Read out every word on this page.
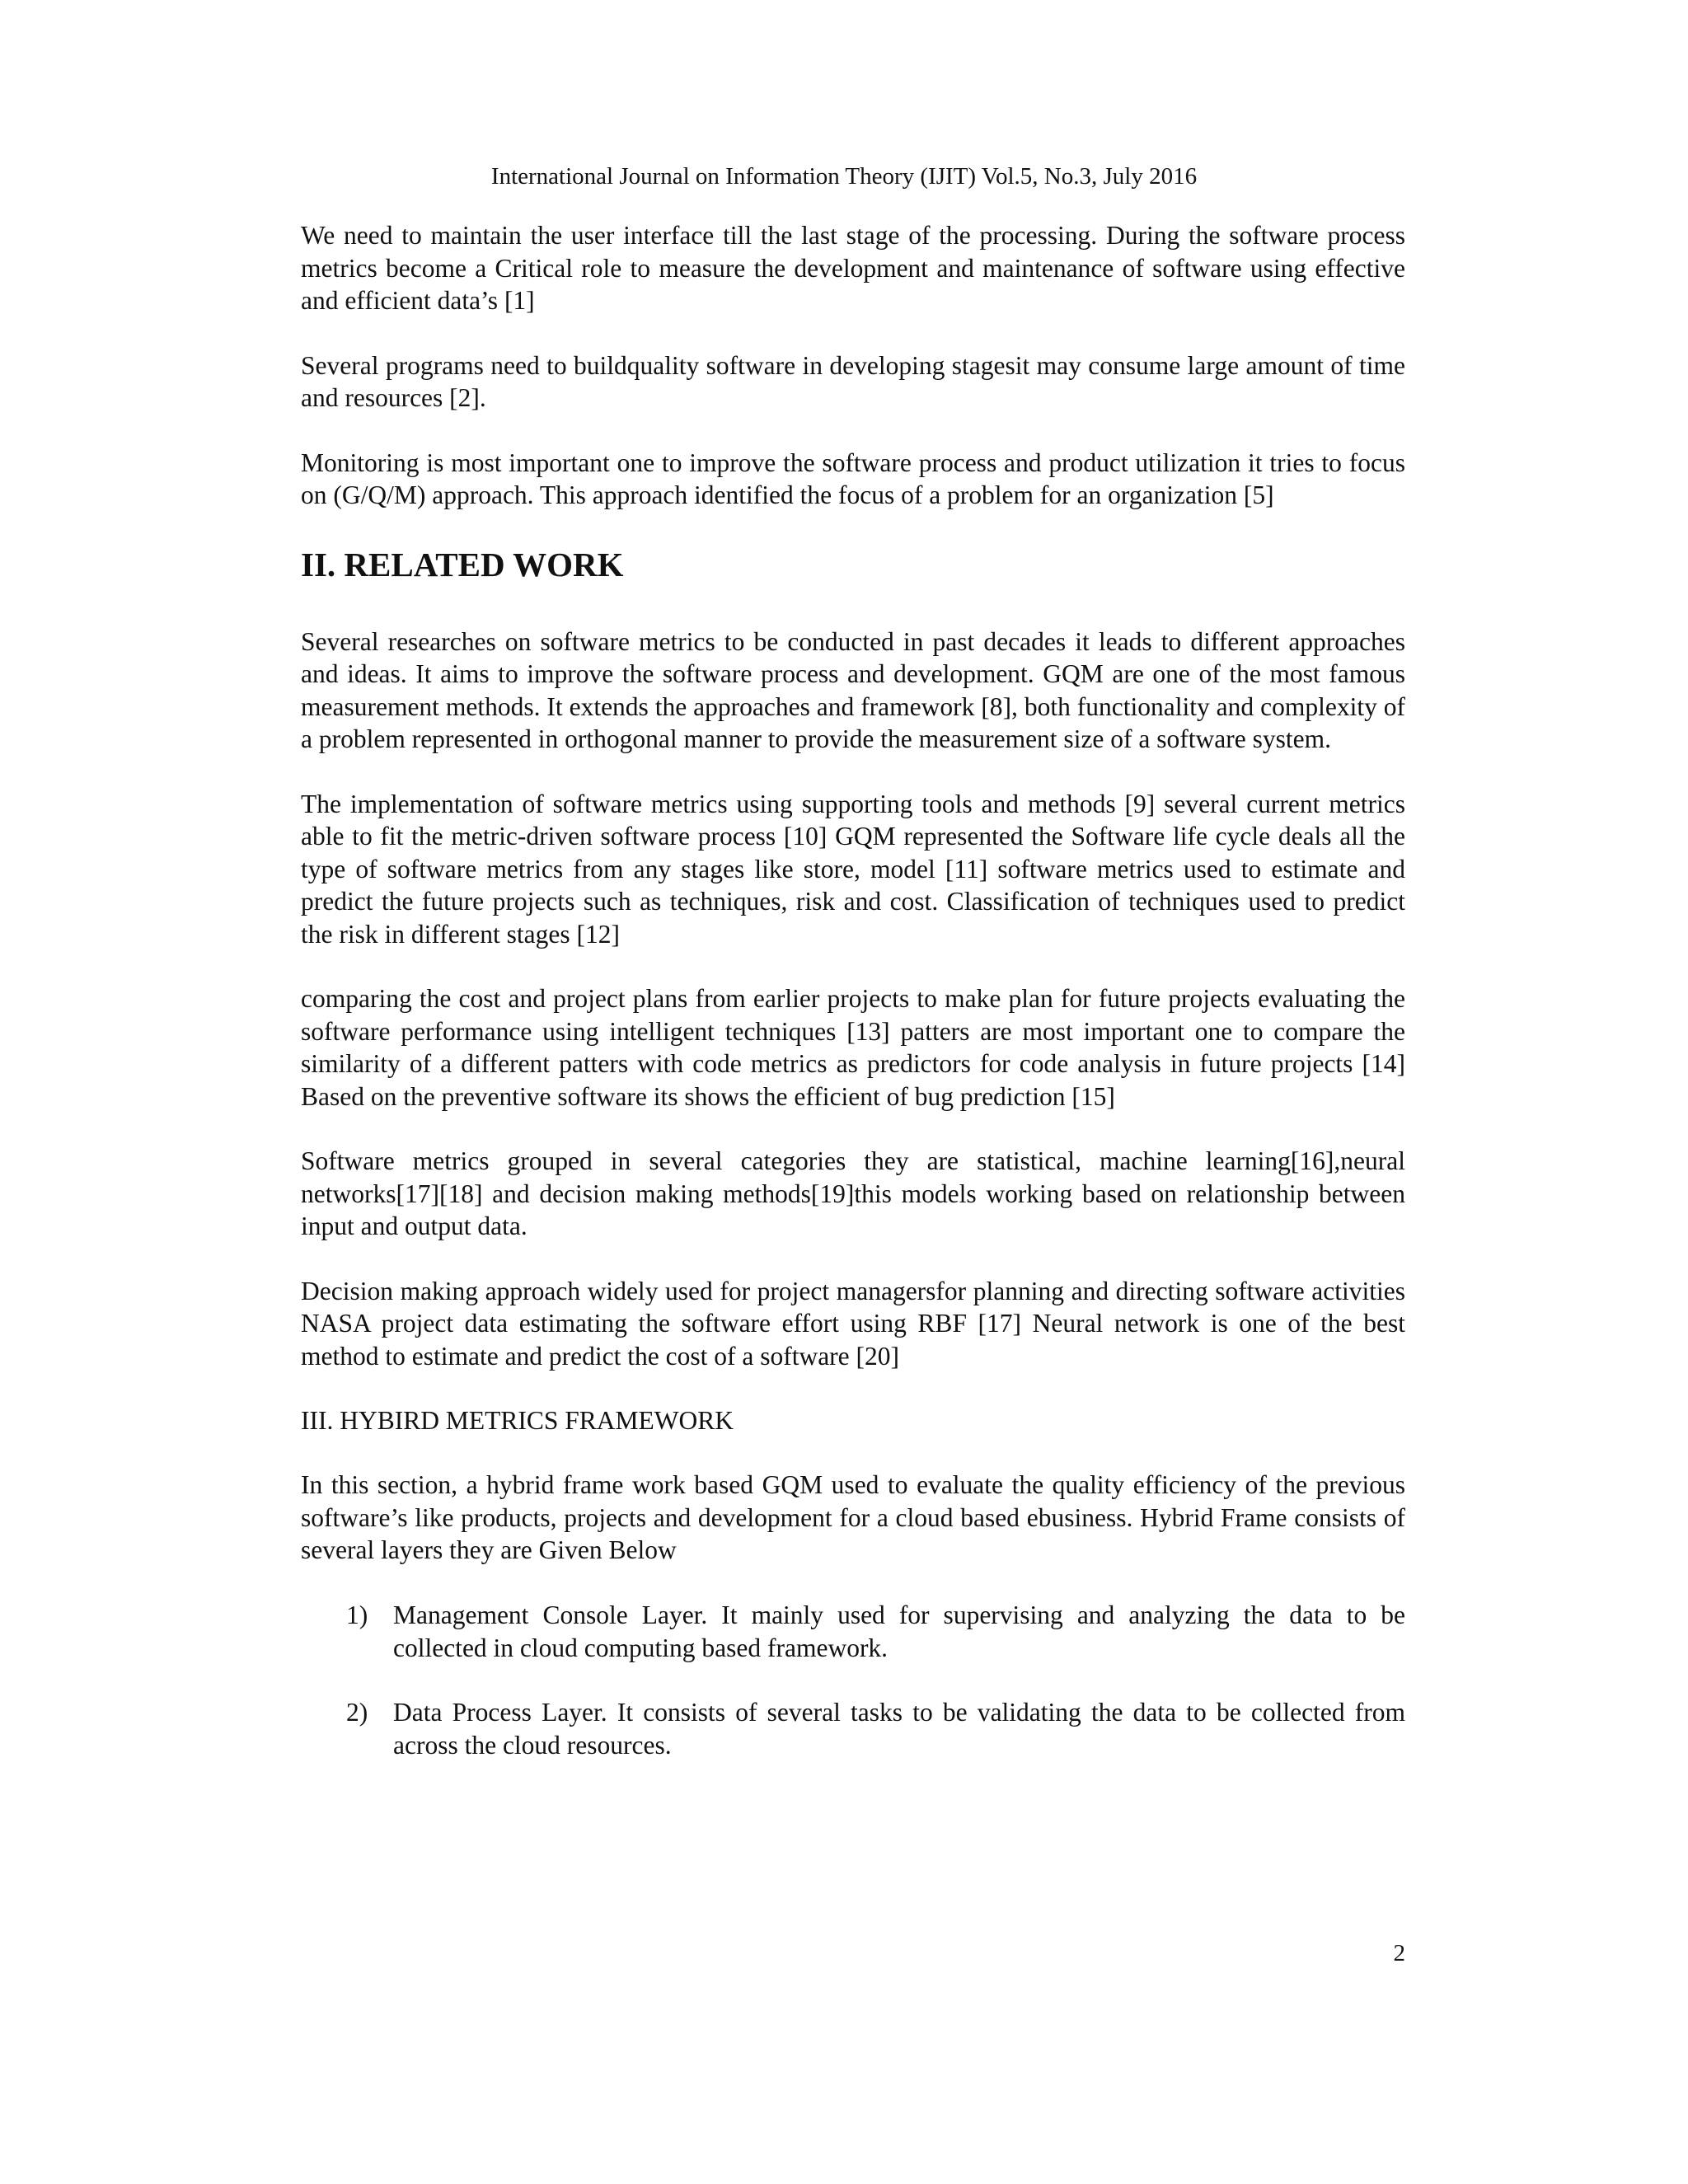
International Journal on Information Theory (IJIT) Vol.5, No.3, July 2016

We need to maintain the user interface till the last stage of the processing. During the software process metrics become a Critical role to measure the development and maintenance of software using effective and efficient data’s [1]

Several programs need to buildquality software in developing stagesit may consume large amount of time and resources [2].

Monitoring is most important one to improve the software process and product utilization it tries to focus on (G/Q/M) approach. This approach identified the focus of a problem for an organization [5]

II. RELATED WORK

Several researches on software metrics to be conducted in past decades it leads to different approaches and ideas. It aims to improve the software process and development. GQM are one of the most famous measurement methods. It extends the approaches and framework [8], both functionality and complexity of a problem represented in orthogonal manner to provide the measurement size of a software system.

The implementation of software metrics using supporting tools and methods [9] several current metrics able to fit the metric-driven software process [10] GQM represented the Software life cycle deals all the type of software metrics from any stages like store, model [11] software metrics used to estimate and predict the future projects such as techniques, risk and cost. Classification of techniques used to predict the risk in different stages [12]

comparing the cost and project plans from earlier projects to make plan for future projects evaluating the software performance using intelligent techniques [13] patters are most important one to compare the similarity of a different patters with code metrics as predictors for code analysis in future projects [14] Based on the preventive software its shows the efficient of bug prediction [15]

Software metrics grouped in several categories they are statistical, machine learning[16],neural networks[17][18] and decision making methods[19]this models working based on relationship between input and output data.

Decision making approach widely used for project managersfor planning and directing software activities NASA project data estimating the software effort using RBF [17] Neural network is one of the best method to estimate and predict the cost of a software [20]

III. HYBIRD METRICS FRAMEWORK

In this section, a hybrid frame work based GQM used to evaluate the quality efficiency of the previous software’s like products, projects and development for a cloud based ebusiness. Hybrid Frame consists of several layers they are Given Below

1) Management Console Layer. It mainly used for supervising and analyzing the data to be collected in cloud computing based framework.
2) Data Process Layer. It consists of several tasks to be validating the data to be collected from across the cloud resources.
2
